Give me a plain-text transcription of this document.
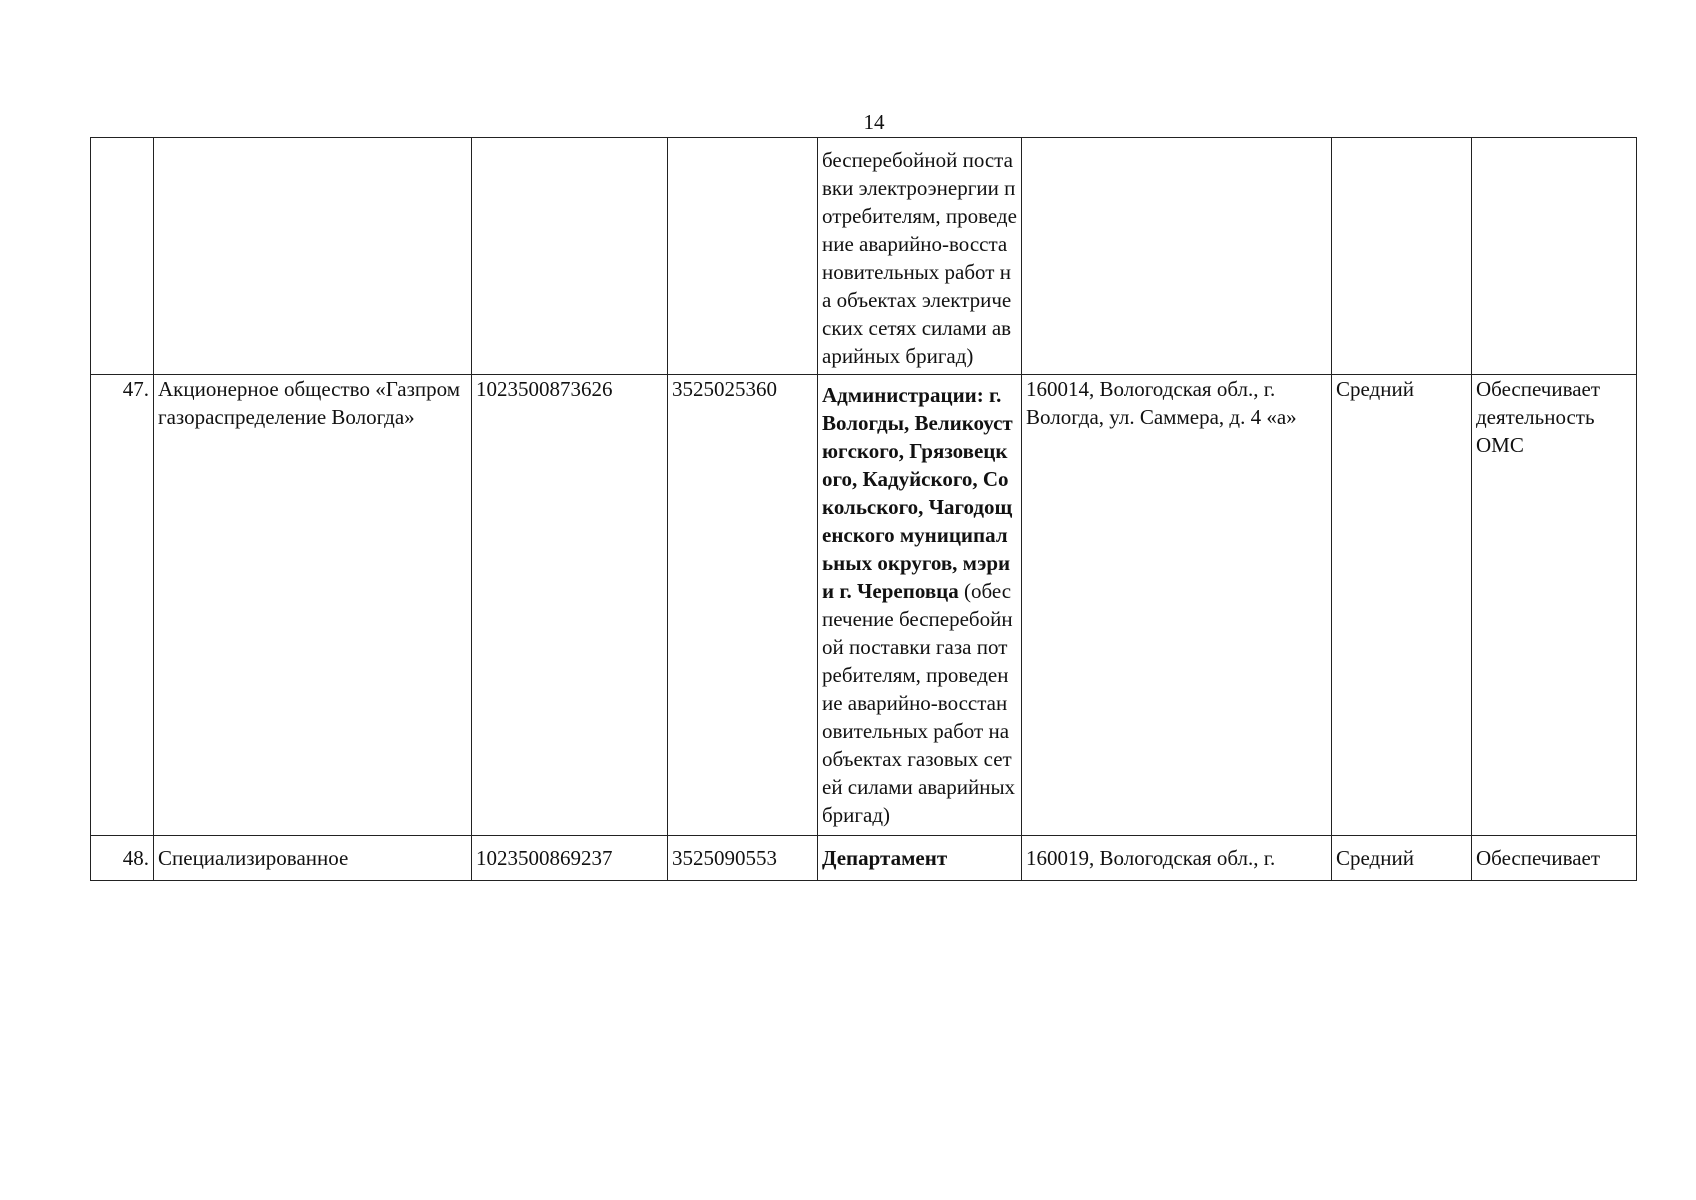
14
				бесперебойной поставки электроэнергии потребителям, проведение аварийно-восстановительных работ на объектах электрических сетях силами аварийных бригад)			
47.	Акционерное общество «Газпром газораспределение Вологда»	1023500873626	3525025360	Администрации: г. Вологды, Великоустюгского, Грязовецкого, Кадуйского, Сокольского, Чагодощенского муниципальных округов, мэрии г. Череповца (обеспечение бесперебойной поставки газа потребителям, проведение аварийно-восстановительных работ на объектах газовых сетей силами аварийных бригад)	160014, Вологодская обл., г. Вологда, ул. Саммера, д. 4 «а»	Средний	Обеспечивает деятельность ОМС

48.	Специализированное	1023500869237	3525090553	Департамент	160019, Вологодская обл., г.	Средний	Обеспечивает
